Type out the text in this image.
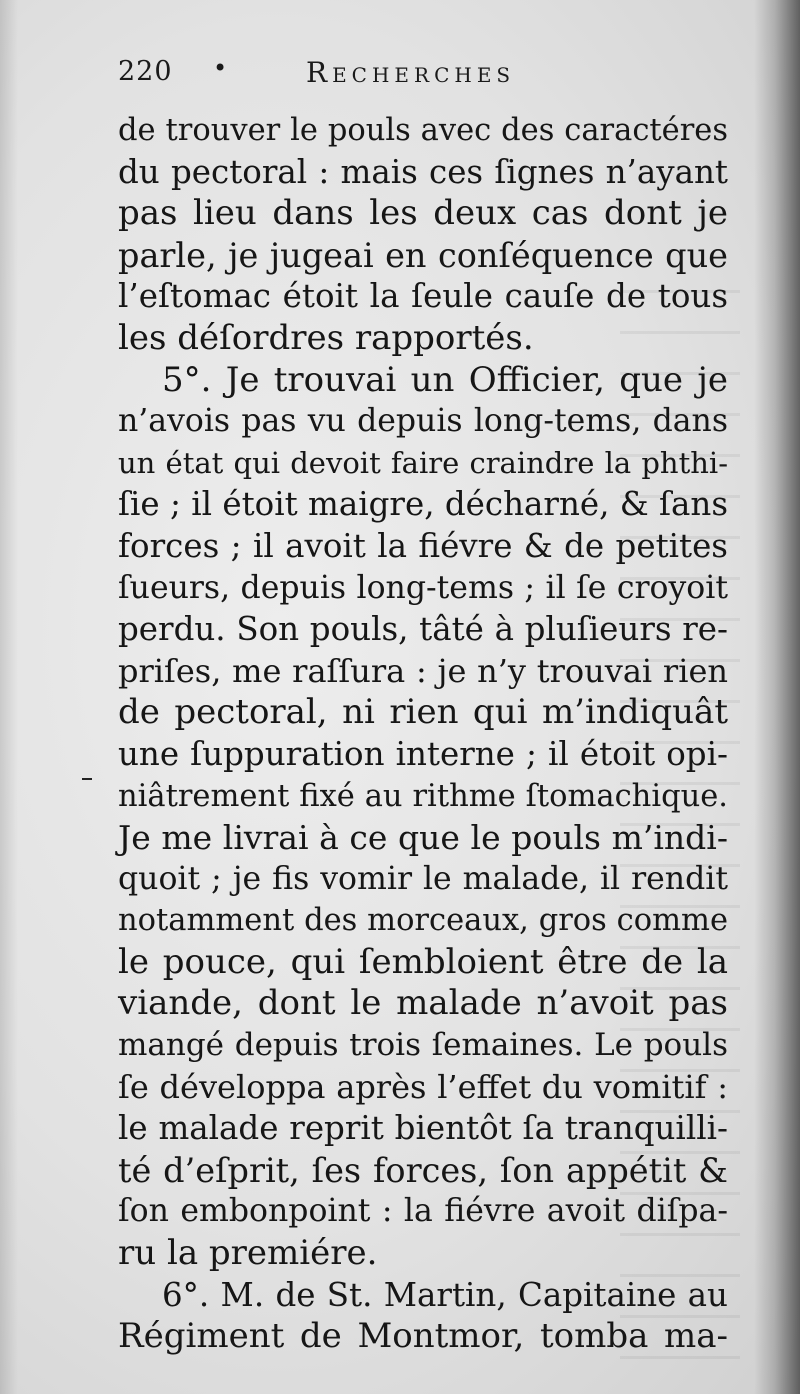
220 •	Recherches
de trouver le pouls avec des caractéres
du pectoral : mais ces ſignes n’ayant
pas lieu dans les deux cas dont je
parle, je jugeai en conſéquence que
l’eſtomac étoit la ſeule cauſe de tous
les déſordres rapportés.
5°. Je trouvai un Officier, que je
n’avois pas vu depuis long-tems, dans
un état qui devoit faire craindre la phthi-
ſie ; il étoit maigre, décharné, & ſans
forces ; il avoit la fiévre & de petites
ſueurs, depuis long-tems ; il ſe croyoit
perdu. Son pouls, tâté à pluſieurs re-
priſes, me raſſura : je n’y trouvai rien
de pectoral, ni rien qui m’indiquât
une ſuppuration interne ; il étoit opi-
niâtrement fixé au rithme ſtomachique.
Je me livrai à ce que le pouls m’indi-
quoit ; je fis vomir le malade, il rendit
notamment des morceaux, gros comme
le pouce, qui ſembloient être de la
viande, dont le malade n’avoit pas
mangé depuis trois ſemaines. Le pouls
ſe développa après l’effet du vomitif :
le malade reprit bientôt ſa tranquilli-
té d’eſprit, ſes forces, ſon appétit &
ſon embonpoint : la fiévre avoit diſpa-
ru la premiére.
6°. M. de St. Martin, Capitaine au
Régiment de Montmor, tomba ma-
